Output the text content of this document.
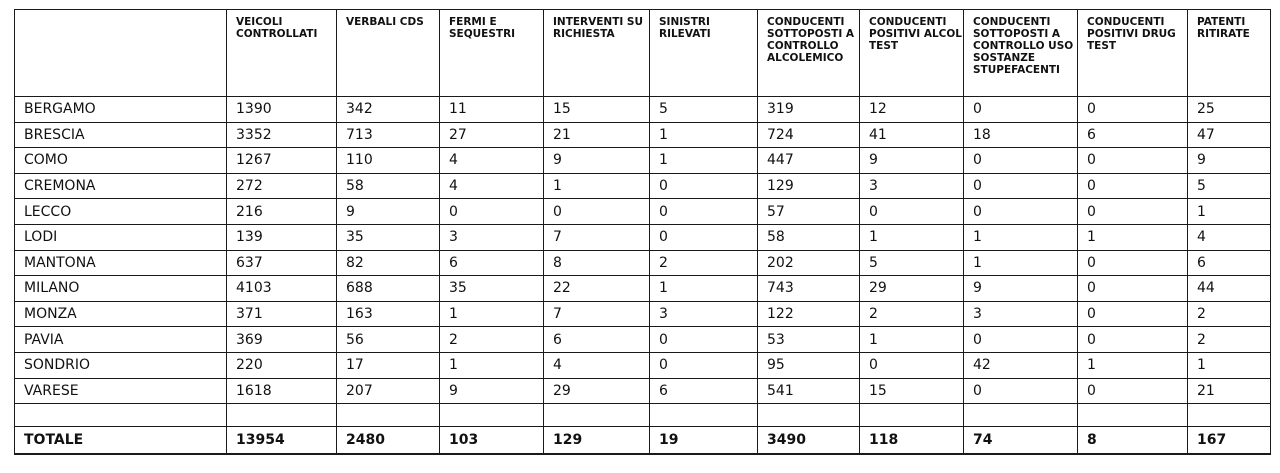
	VEICOLI CONTROLLATI	VERBALI CDS	FERMI E SEQUESTRI	INTERVENTI SU RICHIESTA	SINISTRI RILEVATI	CONDUCENTI SOTTOPOSTI A CONTROLLO ALCOLEMICO	CONDUCENTI POSITIVI ALCOL TEST	CONDUCENTI SOTTOPOSTI A CONTROLLO USO SOSTANZE STUPEFACENTI	CONDUCENTI POSITIVI DRUG TEST	PATENTI RITIRATE
BERGAMO	1390	342	11	15	5	319	12	0	0	25
BRESCIA	3352	713	27	21	1	724	41	18	6	47
COMO	1267	110	4	9	1	447	9	0	0	9
CREMONA	272	58	4	1	0	129	3	0	0	5
LECCO	216	9	0	0	0	57	0	0	0	1
LODI	139	35	3	7	0	58	1	1	1	4
MANTONA	637	82	6	8	2	202	5	1	0	6
MILANO	4103	688	35	22	1	743	29	9	0	44
MONZA	371	163	1	7	3	122	2	3	0	2
PAVIA	369	56	2	6	0	53	1	0	0	2
SONDRIO	220	17	1	4	0	95	0	42	1	1
VARESE	1618	207	9	29	6	541	15	0	0	21

TOTALE	13954	2480	103	129	19	3490	118	74	8	167
